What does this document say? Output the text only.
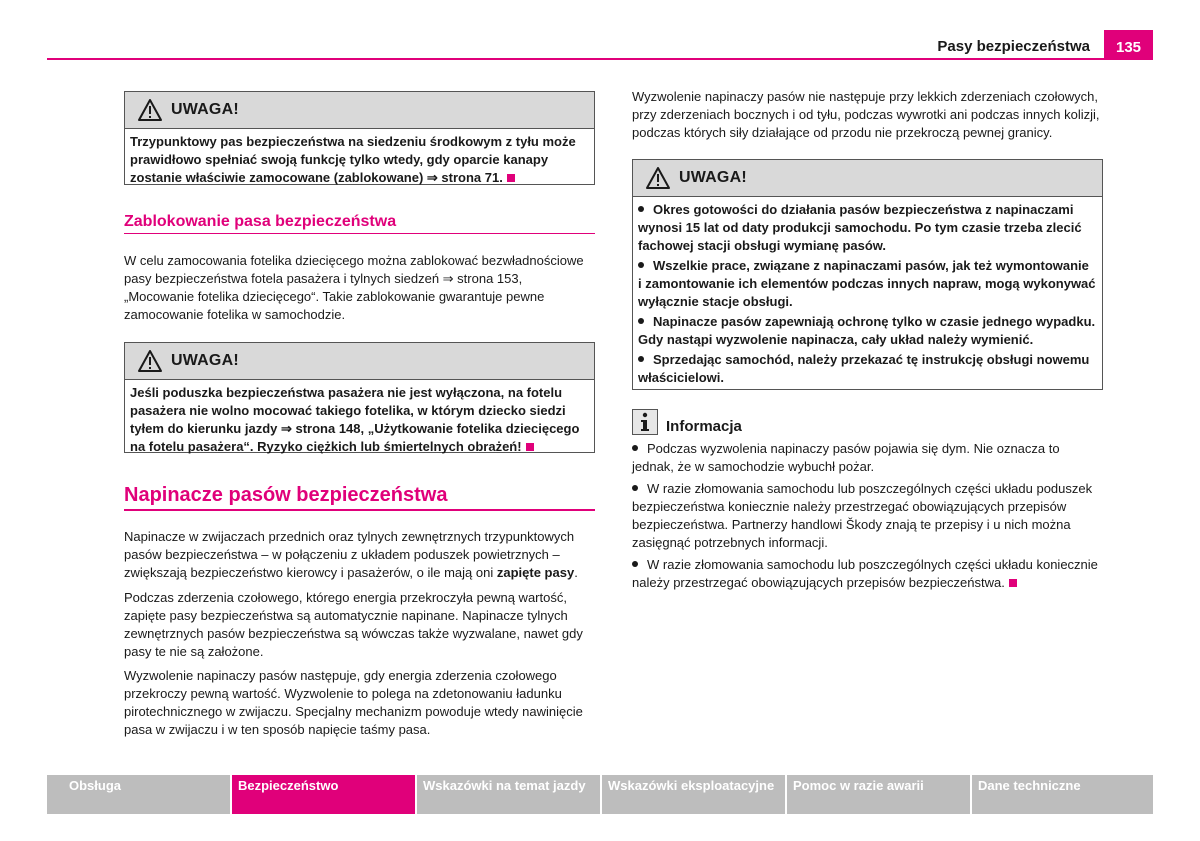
Pasy bezpieczeństwa	135
UWAGA!
Trzypunktowy pas bezpieczeństwa na siedzeniu środkowym z tyłu może prawidłowo spełniać swoją funkcję tylko wtedy, gdy oparcie kanapy zostanie właściwie zamocowane (zablokowane) ⇒ strona 71.
Zablokowanie pasa bezpieczeństwa

W celu zamocowania fotelika dziecięcego można zablokować bezwładnościowe pasy bezpieczeństwa fotela pasażera i tylnych siedzeń ⇒ strona 153, „Mocowanie fotelika dziecięcego“. Takie zablokowanie gwarantuje pewne zamocowanie fotelika w samochodzie.

UWAGA!
Jeśli poduszka bezpieczeństwa pasażera nie jest wyłączona, na fotelu pasażera nie wolno mocować takiego fotelika, w którym dziecko siedzi tyłem do kierunku jazdy ⇒ strona 148, „Użytkowanie fotelika dziecięcego na fotelu pasażera“. Ryzyko ciężkich lub śmiertelnych obrażeń!
Napinacze pasów bezpieczeństwa

Napinacze w zwijaczach przednich oraz tylnych zewnętrznych trzypunktowych pasów bezpieczeństwa – w połączeniu z układem poduszek powietrznych – zwiększają bezpieczeństwo kierowcy i pasażerów, o ile mają oni zapięte pasy.

Podczas zderzenia czołowego, którego energia przekroczyła pewną wartość, zapięte pasy bezpieczeństwa są automatycznie napinane. Napinacze tylnych zewnętrznych pasów bezpieczeństwa są wówczas także wyzwalane, nawet gdy pasy te nie są założone.

Wyzwolenie napinaczy pasów następuje, gdy energia zderzenia czołowego przekroczy pewną wartość. Wyzwolenie to polega na zdetonowaniu ładunku pirotechnicznego w zwijaczu. Specjalny mechanizm powoduje wtedy nawinięcie pasa w zwijaczu i w ten sposób napięcie taśmy pasa.

Wyzwolenie napinaczy pasów nie następuje przy lekkich zderzeniach czołowych, przy zderzeniach bocznych i od tyłu, podczas wywrotki ani podczas innych kolizji, podczas których siły działające od przodu nie przekroczą pewnej granicy.

UWAGA!

Okres gotowości do działania pasów bezpieczeństwa z napinaczami wynosi 15 lat od daty produkcji samochodu. Po tym czasie trzeba zlecić fachowej stacji obsługi wymianę pasów.

Wszelkie prace, związane z napinaczami pasów, jak też wymontowanie i zamontowanie ich elementów podczas innych napraw, mogą wykonywać wyłącznie stacje obsługi.

Napinacze pasów zapewniają ochronę tylko w czasie jednego wypadku. Gdy nastąpi wyzwolenie napinacza, cały układ należy wymienić.

Sprzedając samochód, należy przekazać tę instrukcję obsługi nowemu właścicielowi.

Informacja

Podczas wyzwolenia napinaczy pasów pojawia się dym. Nie oznacza to jednak, że w samochodzie wybuchł pożar.

W razie złomowania samochodu lub poszczególnych części układu poduszek bezpieczeństwa koniecznie należy przestrzegać obowiązujących przepisów bezpieczeństwa. Partnerzy handlowi Škody znają te przepisy i u nich można zasięgnąć potrzebnych informacji.

W razie złomowania samochodu lub poszczególnych części układu koniecznie należy przestrzegać obowiązujących przepisów bezpieczeństwa.

Obsługa	Bezpieczeństwo	Wskazówki na temat jazdy	Wskazówki eksploatacyjne	Pomoc w razie awarii	Dane techniczne
